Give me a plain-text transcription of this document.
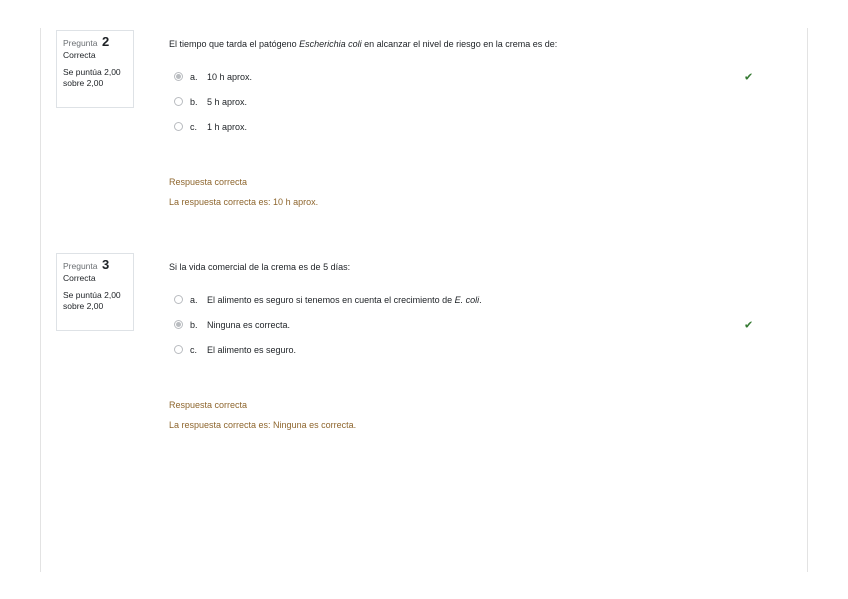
Pregunta 2
Correcta
Se puntúa 2,00 sobre 2,00
El tiempo que tarda el patógeno Escherichia coli en alcanzar el nivel de riesgo en la crema es de:
a.	10 h aprox.	✔
b.	5 h aprox.
c.	1 h aprox.
Respuesta correcta
La respuesta correcta es: 10 h aprox.
Pregunta 3
Correcta
Se puntúa 2,00 sobre 2,00
Si la vida comercial de la crema es de 5 días:
a.	El alimento es seguro si tenemos en cuenta el crecimiento de E. coli.
b.	Ninguna es correcta.	✔
c.	El alimento es seguro.
Respuesta correcta
La respuesta correcta es: Ninguna es correcta.
